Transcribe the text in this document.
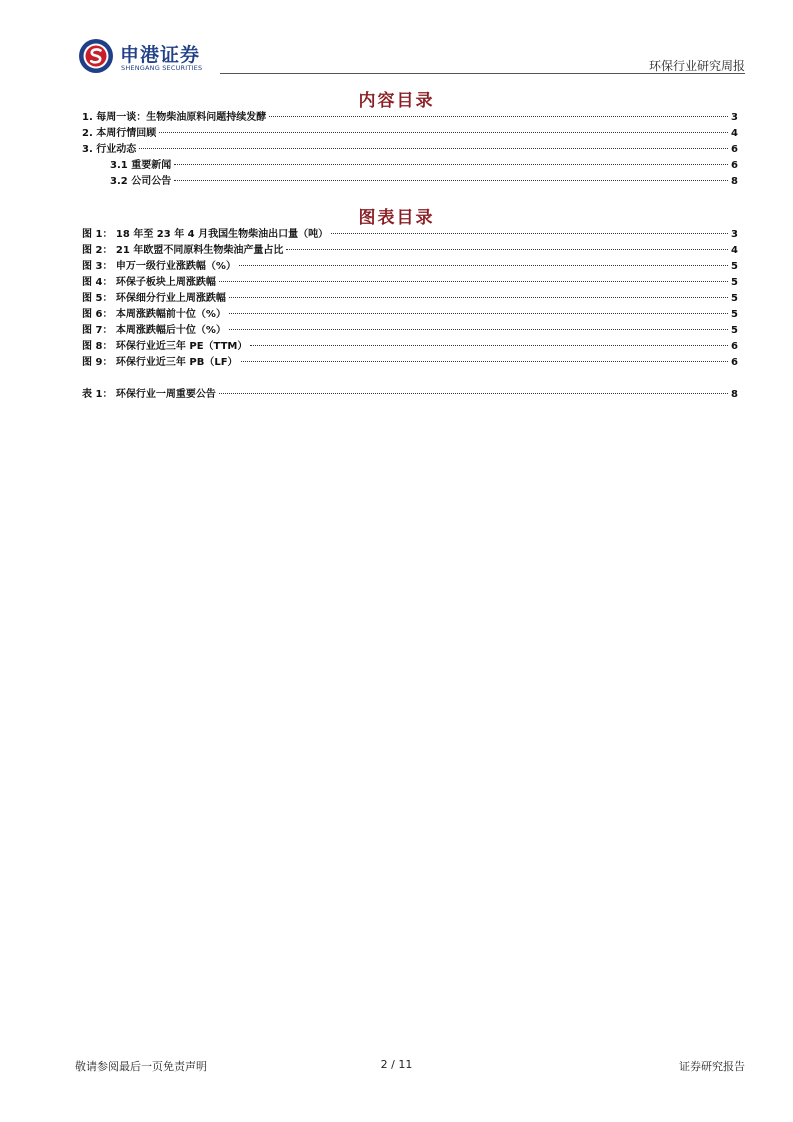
申港证券
SHENGANG SECURITIES	环保行业研究周报
内容目录
1. 每周一谈：生物柴油原料问题持续发酵	3
2. 本周行情回顾	4
3. 行业动态	6
3.1 重要新闻	6
3.2 公司公告	8
图表目录
图 1： 18 年至 23 年 4 月我国生物柴油出口量（吨）	3
图 2： 21 年欧盟不同原料生物柴油产量占比	4
图 3： 申万一级行业涨跌幅（%）	5
图 4： 环保子板块上周涨跌幅	5
图 5： 环保细分行业上周涨跌幅	5
图 6： 本周涨跌幅前十位（%）	5
图 7： 本周涨跌幅后十位（%）	5
图 8： 环保行业近三年 PE（TTM）	6
图 9： 环保行业近三年 PB（LF）	6
表 1： 环保行业一周重要公告	8
敬请参阅最后一页免责声明	2 / 11	证券研究报告
